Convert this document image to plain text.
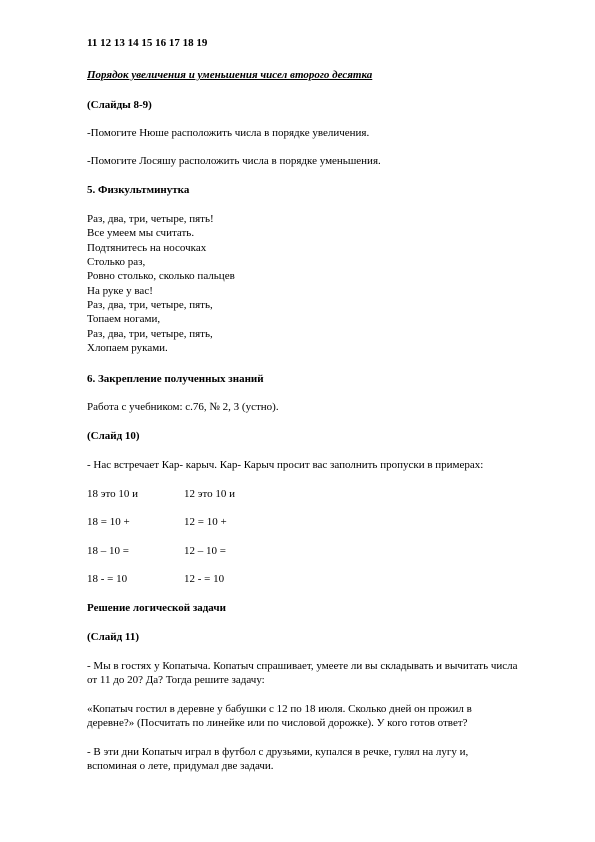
11 12 13 14 15 16 17 18 19
Порядок увеличения и уменьшения чисел второго десятка
(Слайды 8-9)
-Помогите Нюше расположить числа в порядке увеличения.
-Помогите Лосяшу расположить числа в порядке уменьшения.
5. Физкультминутка
Раз, два, три, четыре, пять!
Все умеем мы считать.
Подтянитесь на носочках
Столько раз,
Ровно столько, сколько пальцев
На руке у вас!
Раз, два, три, четыре, пять,
Топаем ногами,
Раз, два, три, четыре, пять,
Хлопаем руками.
6. Закрепление полученных знаний
Работа с учебником: с.76, № 2, 3 (устно).
(Слайд 10)
- Нас встречает Кар- карыч. Кар- Карыч просит вас заполнить пропуски в примерах:
18 это 10 и	12 это 10 и
18 = 10 +	12 = 10 +
18 – 10 =	12 – 10 =
18 - = 10	12 - = 10
Решение логической задачи
(Слайд 11)
- Мы в гостях у Копатыча. Копатыч спрашивает, умеете ли вы складывать и вычитать числа
от 11 до 20? Да? Тогда решите задачу:
«Копатыч гостил в деревне у бабушки с 12 по 18 июля. Сколько дней он прожил в
деревне?» (Посчитать по линейке или по числовой дорожке). У кого готов ответ?
- В эти дни Копатыч играл в футбол с друзьями, купался в речке, гулял на лугу и,
вспоминая о лете, придумал две задачи.
